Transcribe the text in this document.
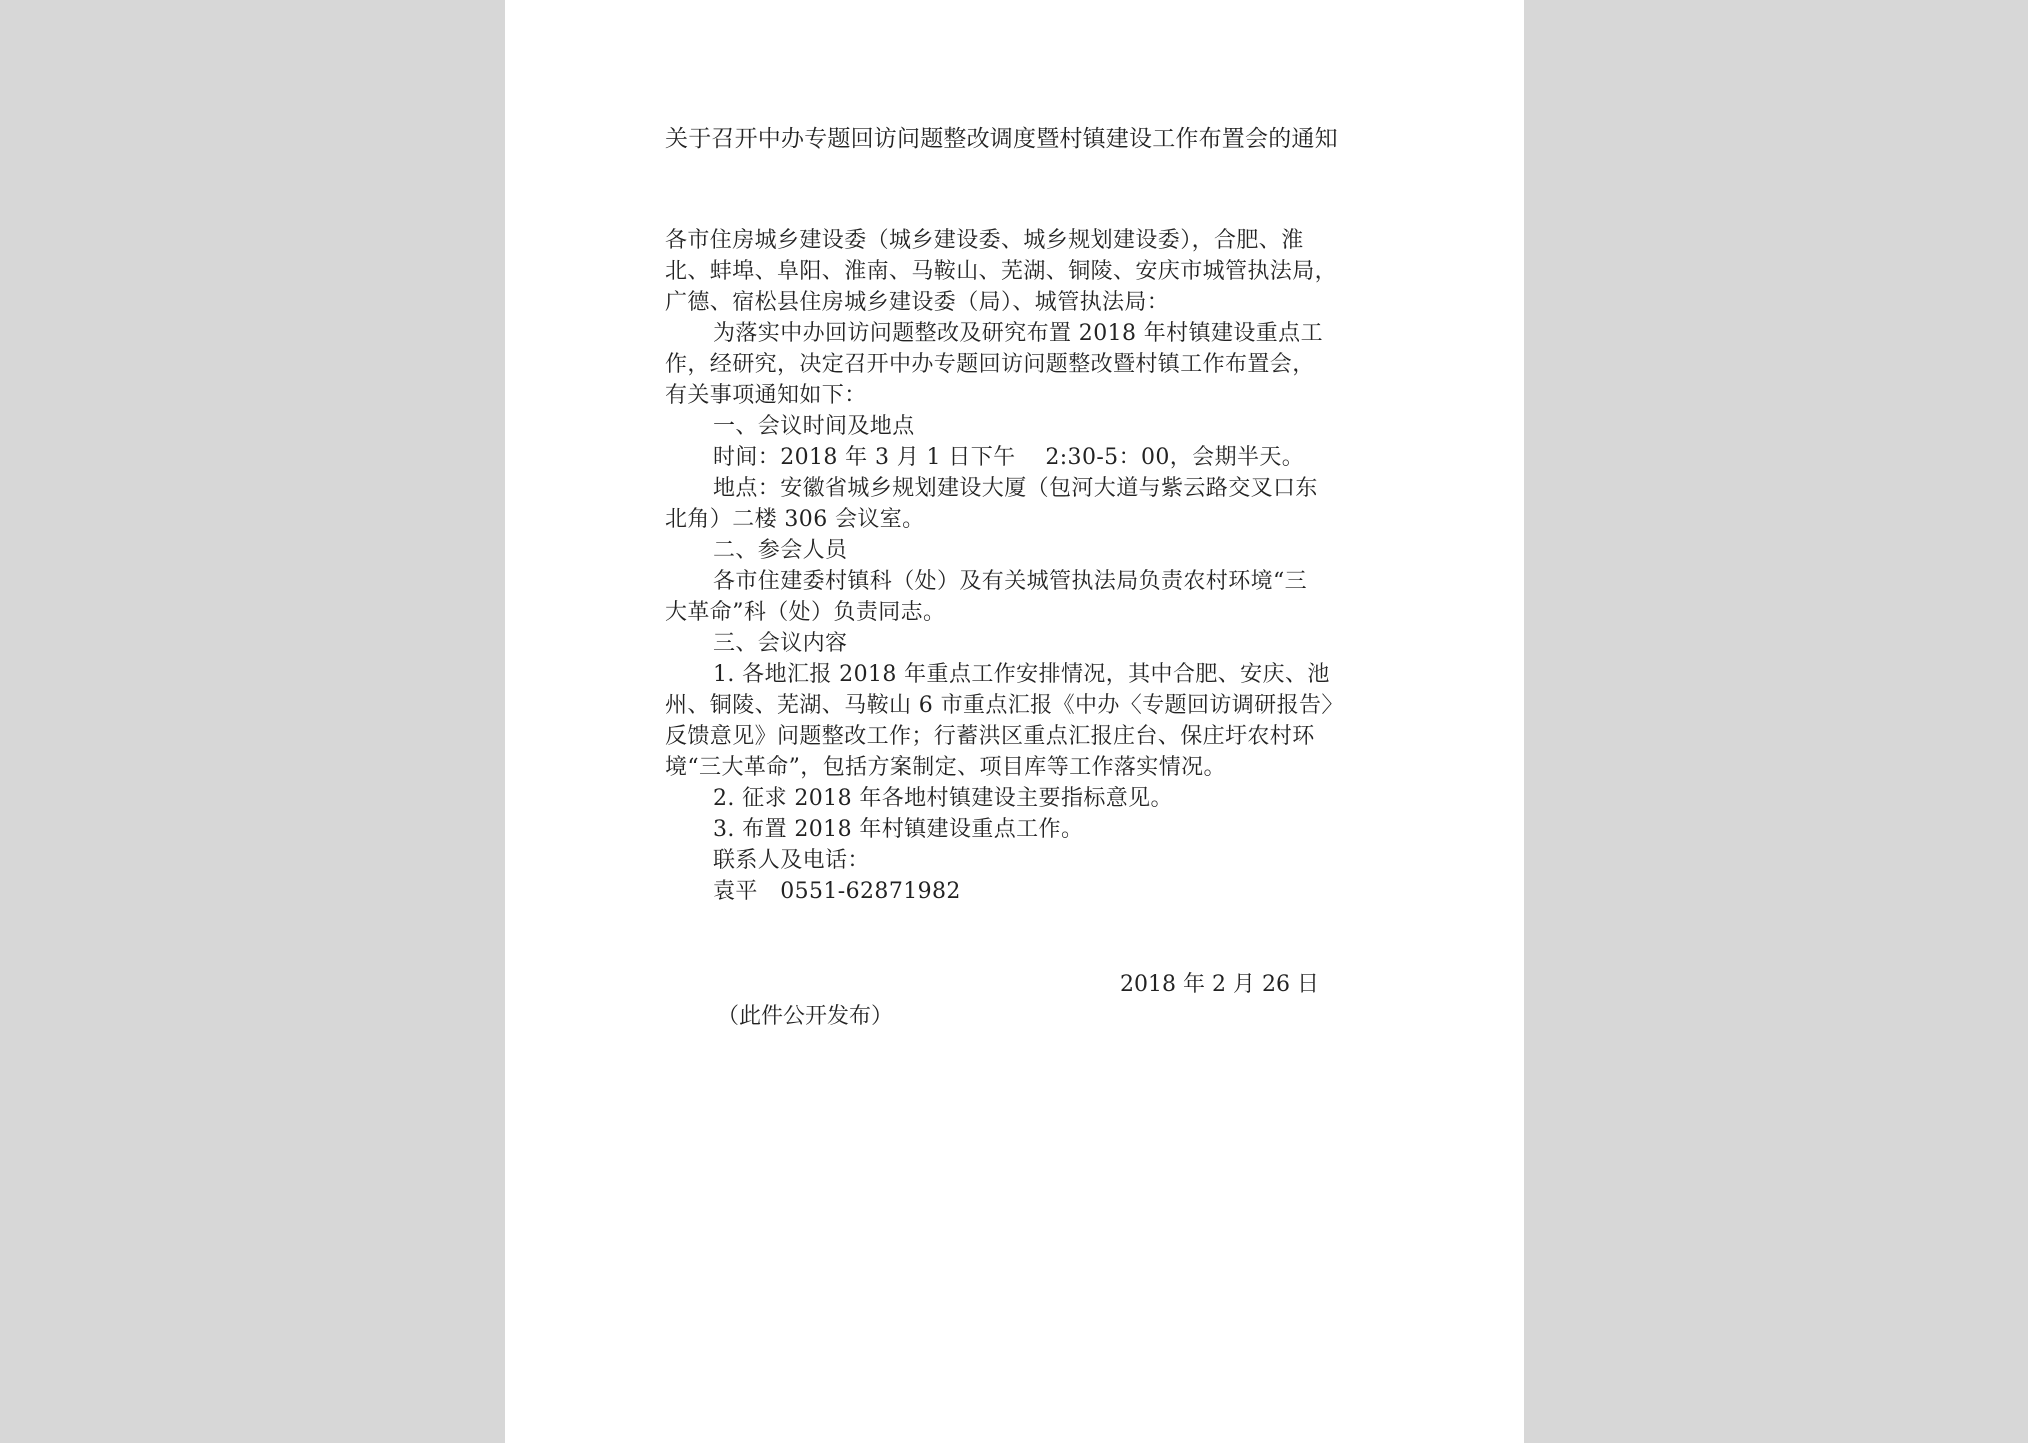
关于召开中办专题回访问题整改调度暨村镇建设工作布置会的通知
各市住房城乡建设委（城乡建设委、城乡规划建设委），合肥、淮
北、蚌埠、阜阳、淮南、马鞍山、芜湖、铜陵、安庆市城管执法局，
广德、宿松县住房城乡建设委（局）、城管执法局：
为落实中办回访问题整改及研究布置 2018 年村镇建设重点工
作，经研究，决定召开中办专题回访问题整改暨村镇工作布置会，
有关事项通知如下：
一、会议时间及地点
时间：2018 年 3 月 1 日下午　 2:30-5：00，会期半天。
地点：安徽省城乡规划建设大厦（包河大道与紫云路交叉口东
北角）二楼 306 会议室。
二、参会人员
各市住建委村镇科（处）及有关城管执法局负责农村环境“三
大革命”科（处）负责同志。
三、会议内容
1. 各地汇报 2018 年重点工作安排情况，其中合肥、安庆、池
州、铜陵、芜湖、马鞍山 6 市重点汇报《中办〈专题回访调研报告〉
反馈意见》问题整改工作；行蓄洪区重点汇报庄台、保庄圩农村环
境“三大革命”，包括方案制定、项目库等工作落实情况。
2. 征求 2018 年各地村镇建设主要指标意见。
3. 布置 2018 年村镇建设重点工作。
联系人及电话：
袁平　0551-62871982
2018 年 2 月 26 日
（此件公开发布）
